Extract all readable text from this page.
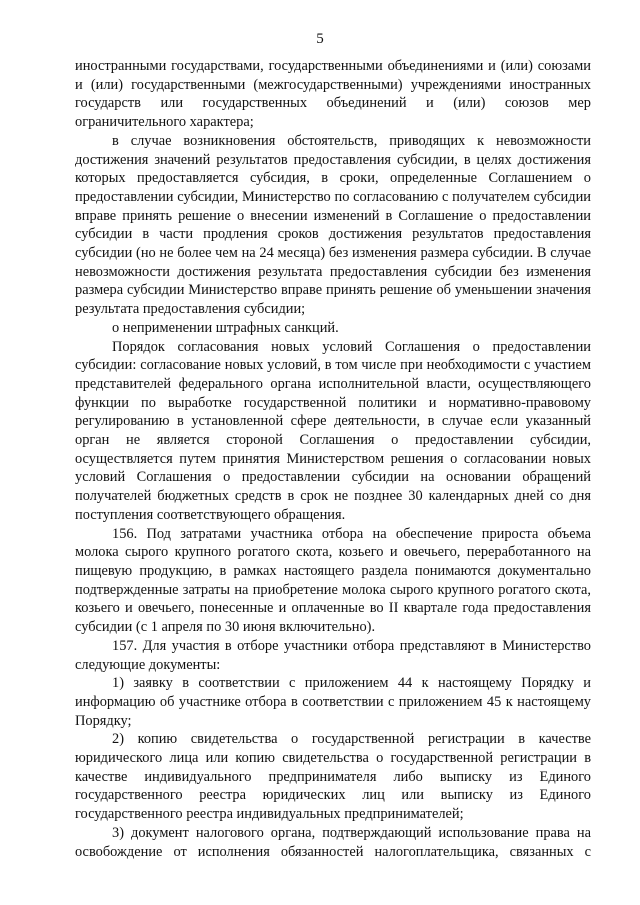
5

иностранными государствами, государственными объединениями и (или) союзами и (или) государственными (межгосударственными) учреждениями иностранных государств или государственных объединений и (или) союзов мер ограничительного характера;

в случае возникновения обстоятельств, приводящих к невозможности достижения значений результатов предоставления субсидии, в целях достижения которых предоставляется субсидия, в сроки, определенные Соглашением о предоставлении субсидии, Министерство по согласованию с получателем субсидии вправе принять решение о внесении изменений в Соглашение о предоставлении субсидии в части продления сроков достижения результатов предоставления субсидии (но не более чем на 24 месяца) без изменения размера субсидии. В случае невозможности достижения результата предоставления субсидии без изменения размера субсидии Министерство вправе принять решение об уменьшении значения результата предоставления субсидии;

о неприменении штрафных санкций.

Порядок согласования новых условий Соглашения о предоставлении субсидии: согласование новых условий, в том числе при необходимости с участием представителей федерального органа исполнительной власти, осуществляющего функции по выработке государственной политики и нормативно-правовому регулированию в установленной сфере деятельности, в случае если указанный орган не является стороной Соглашения о предоставлении субсидии, осуществляется путем принятия Министерством решения о согласовании новых условий Соглашения о предоставлении субсидии на основании обращений получателей бюджетных средств в срок не позднее 30 календарных дней со дня поступления соответствующего обращения.

156. Под затратами участника отбора на обеспечение прироста объема молока сырого крупного рогатого скота, козьего и овечьего, переработанного на пищевую продукцию, в рамках настоящего раздела понимаются документально подтвержденные затраты на приобретение молока сырого крупного рогатого скота, козьего и овечьего, понесенные и оплаченные во II квартале года предоставления субсидии (с 1 апреля по 30 июня включительно).

157. Для участия в отборе участники отбора представляют в Министерство следующие документы:

1) заявку в соответствии с приложением 44 к настоящему Порядку и информацию об участнике отбора в соответствии с приложением 45 к настоящему Порядку;

2) копию свидетельства о государственной регистрации в качестве юридического лица или копию свидетельства о государственной регистрации в качестве индивидуального предпринимателя либо выписку из Единого государственного реестра юридических лиц или выписку из Единого государственного реестра индивидуальных предпринимателей;

3) документ налогового органа, подтверждающий использование права на освобождение от исполнения обязанностей налогоплательщика, связанных с
